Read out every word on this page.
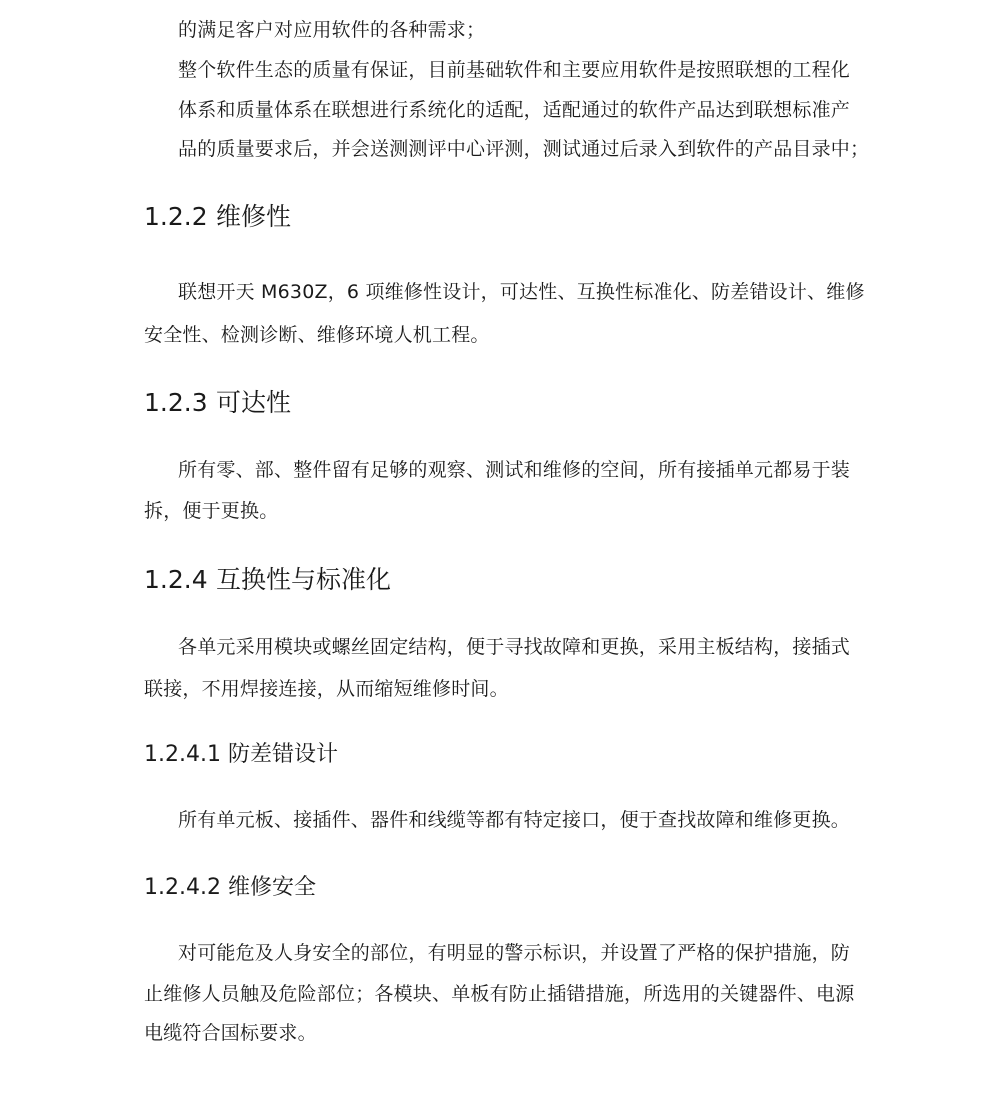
的满足客户对应用软件的各种需求；
整个软件生态的质量有保证，目前基础软件和主要应用软件是按照联想的工程化
体系和质量体系在联想进行系统化的适配，适配通过的软件产品达到联想标准产
品的质量要求后，并会送测测评中心评测，测试通过后录入到软件的产品目录中；
1.2.2 维修性
联想开天 M630Z，6 项维修性设计，可达性、互换性标准化、防差错设计、维修
安全性、检测诊断、维修环境人机工程。
1.2.3 可达性
所有零、部、整件留有足够的观察、测试和维修的空间，所有接插单元都易于装
拆，便于更换。
1.2.4 互换性与标准化
各单元采用模块或螺丝固定结构，便于寻找故障和更换，采用主板结构，接插式
联接，不用焊接连接，从而缩短维修时间。
1.2.4.1 防差错设计
所有单元板、接插件、器件和线缆等都有特定接口，便于查找故障和维修更换。
1.2.4.2 维修安全
对可能危及人身安全的部位，有明显的警示标识，并设置了严格的保护措施，防
止维修人员触及危险部位；各模块、单板有防止插错措施，所选用的关键器件、电源
电缆符合国标要求。
